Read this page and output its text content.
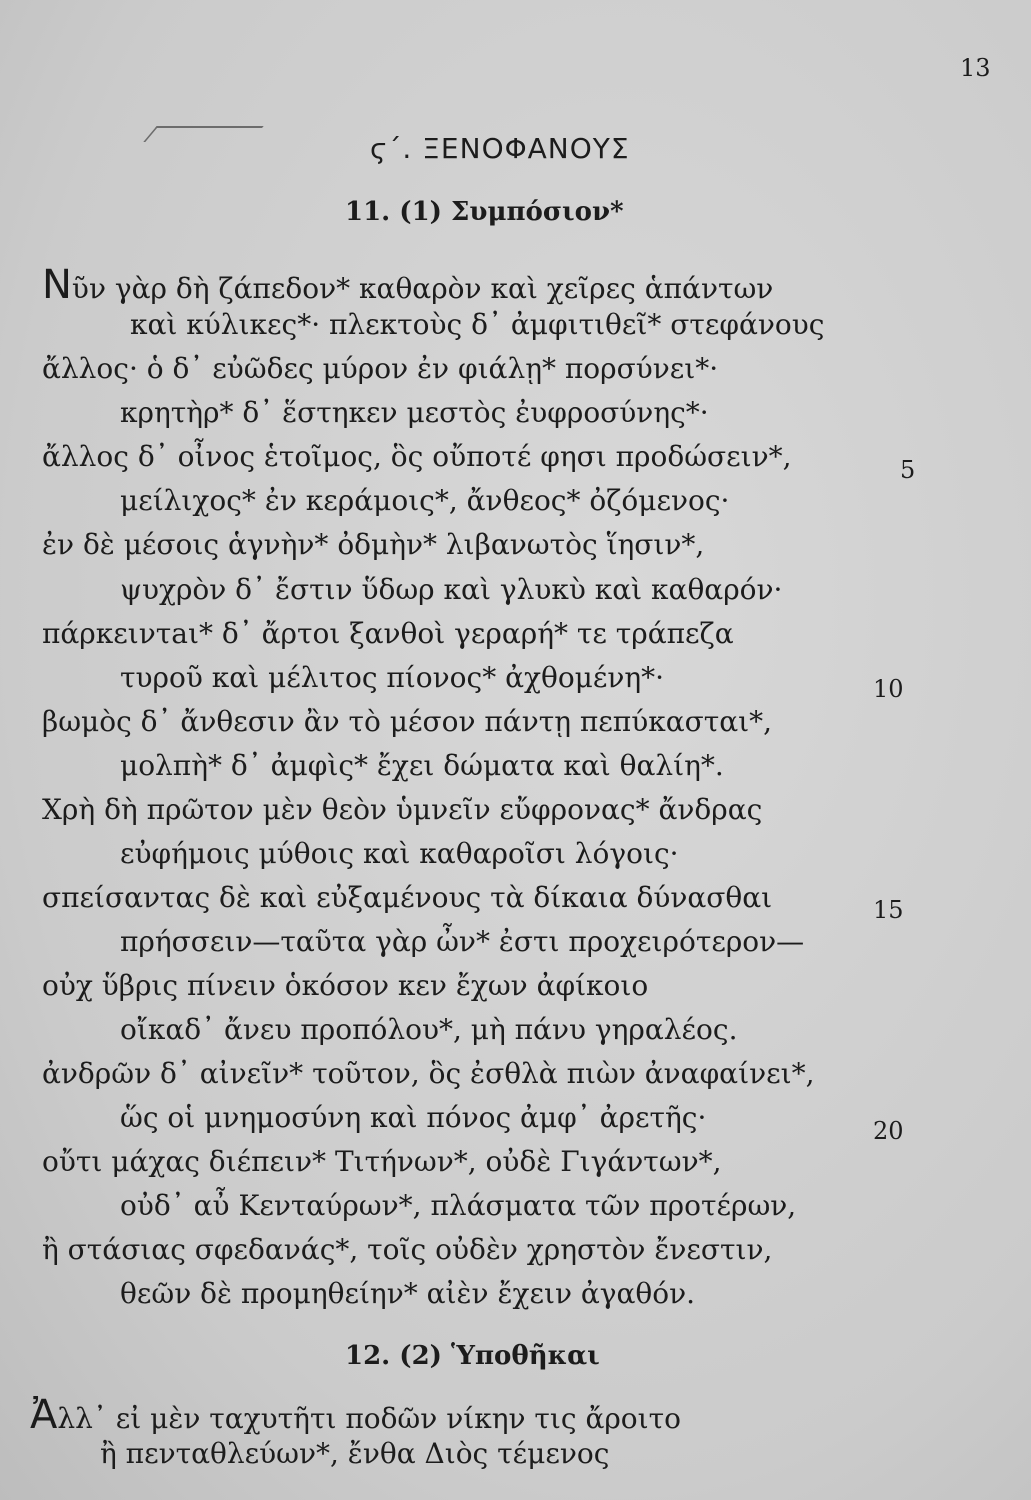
13
ϛ΄. ΞΕΝΟΦΑΝΟΥΣ
11. (1) Συμπόσιον*
Nῦν γὰρ δὴ ζάπεδον* καθαρὸν καὶ χεῖρες ἁπάντων
καὶ κύλικες*· πλεκτοὺς δ᾿ ἀμφιτιθεῖ* στεφάνους
ἄλλος· ὁ δ᾿ εὐῶδες μύρον ἐν φιάλῃ* πορσύνει*·
κρητὴρ* δ᾿ ἕστηκεν μεστὸς ἐυφροσύνης*·
ἄλλος δ᾿ οἶνος ἑτοῖμος, ὃς οὔποτέ φησι προδώσειν*,
μείλιχος* ἐν κεράμοις*, ἄνθεος* ὀζόμενος·
ἐν δὲ μέσοις ἁγνὴν* ὀδμὴν* λιβανωτὸς ἵησιν*,
ψυχρὸν δ᾿ ἔστιν ὕδωρ καὶ γλυκὺ καὶ καθαρόν·
πάρκειντaι* δ᾿ ἄρτοι ξανθοὶ γεραρή* τε τράπεζα
τυροῦ καὶ μέλιτος πίονος* ἀχθομένη*·
βωμὸς δ᾿ ἄνθεσιν ἂν τὸ μέσον πάντῃ πεπύκασται*,
μολπὴ* δ᾿ ἀμφὶς* ἔχει δώματα καὶ θαλίη*.
Χρὴ δὴ πρῶτον μὲν θεὸν ὑμνεῖν εὔφρονας* ἄνδρας
εὐφήμοις μύθοις καὶ καθαροῖσι λόγοις·
σπείσαντας δὲ καὶ εὐξαμένους τὰ δίκαια δύνασθαι
πρήσσειν—ταῦτα γὰρ ὦν* ἐστι προχειρότερον—
οὐχ ὕβρις πίνειν ὁκόσον κεν ἔχων ἀφίκοιο
οἴκαδ᾿ ἄνευ προπόλου*, μὴ πάνυ γηραλέος.
ἀνδρῶν δ᾿ αἰνεῖν* τοῦτον, ὃς ἐσθλὰ πιὼν ἀναφαίνει*,
ὥς οἱ μνημοσύνη καὶ πόνος ἀμφ᾿ ἀρετῆς·
οὔτι μάχας διέπειν* Τιτήνων*, οὐδὲ Γιγάντων*,
οὐδ᾿ αὖ Κενταύρων*, πλάσματα τῶν προτέρων,
ἢ στάσιας σφεδανάς*, τοῖς οὐδὲν χρηστὸν ἔνεστιν,
θεῶν δὲ προμηθείην* αἰὲν ἔχειν ἀγαθόν.
5
10
15
20
12. (2) Ὑποθῆκαι
Ἀλλ᾿ εἰ μὲν ταχυτῆτι ποδῶν νίκην τις ἄροιτο
ἢ πενταθλεύων*, ἔνθα Διὸς τέμενος
